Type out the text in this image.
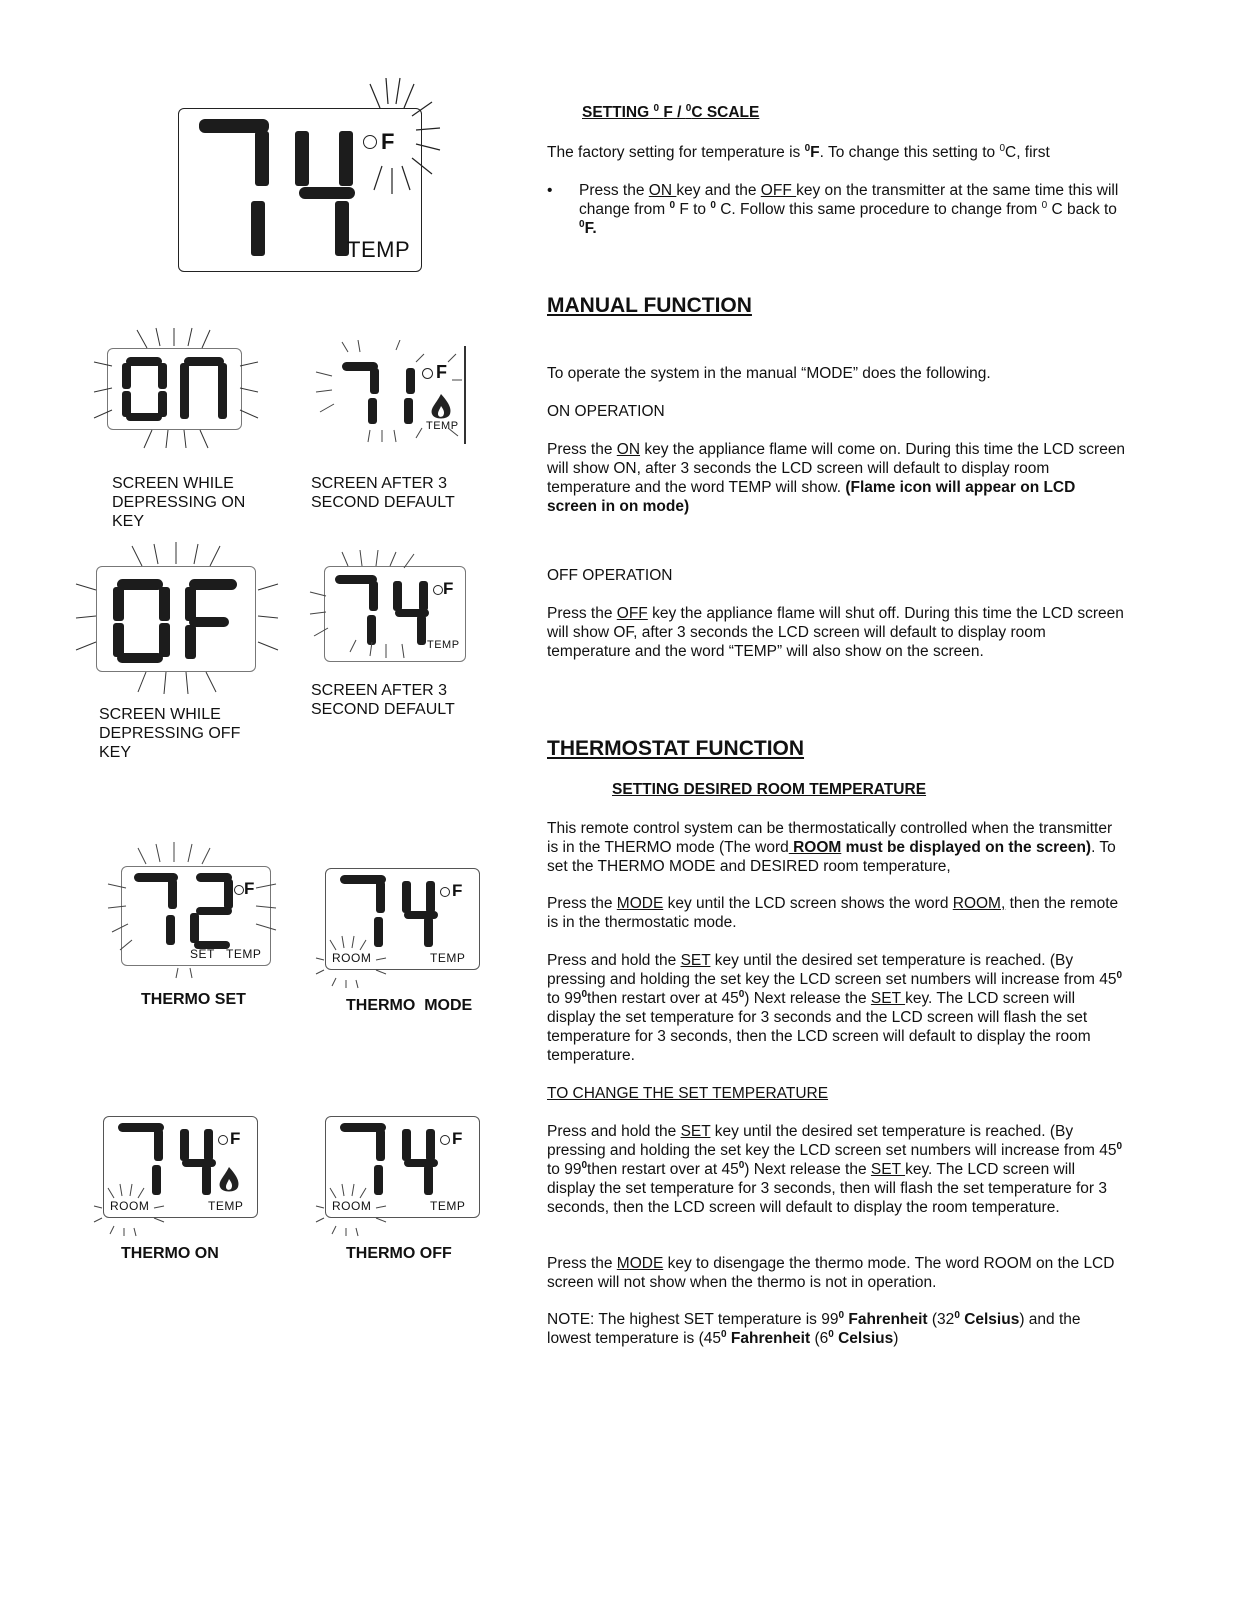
F
TEMP
SCREEN WHILE DEPRESSING ON KEY
F
TEMP
SCREEN AFTER 3 SECOND DEFAULT
SCREEN WHILE DEPRESSING OFF KEY
F
TEMP
SCREEN AFTER 3 SECOND DEFAULT
F
SET TEMP
THERMO SET
F
ROOM	TEMP
THERMO  MODE
F
ROOM	TEMP
THERMO ON
F
ROOM	TEMP
THERMO OFF
SETTING $^0$ F / $^0$C SCALE
The factory setting for temperature is $^0$F. To change this setting to $^0$C, first
• Press the ON key and the OFF key on the transmitter at the same time this will change from $^0$ F to $^0$ C. Follow this same procedure to change from $^0$ C back to $^0$F.
MANUAL FUNCTION
To operate the system in the manual “MODE” does the following.
ON OPERATION
Press the ON key the appliance flame will come on. During this time the LCD screen will show ON, after 3 seconds the LCD screen will default to display room temperature and the word TEMP will show. (Flame icon will appear on LCD screen in on mode)
OFF OPERATION
Press the OFF key the appliance flame will shut off. During this time the LCD screen will show OF, after 3 seconds the LCD screen will default to display room temperature and the word “TEMP” will also show on the screen.
THERMOSTAT FUNCTION
SETTING DESIRED ROOM TEMPERATURE
This remote control system can be thermostatically controlled when the transmitter is in the THERMO mode (The word ROOM must be displayed on the screen). To set the THERMO MODE and DESIRED room temperature,
Press the MODE key until the LCD screen shows the word ROOM, then the remote is in the thermostatic mode.
Press and hold the SET key until the desired set temperature is reached. (By pressing and holding the set key the LCD screen set numbers will increase from $45^0$ to $99^0then$ restart over at $45^0$) Next release the SET key. The LCD screen will display the set temperature for 3 seconds and the LCD screen will flash the set temperature for 3 seconds, then the LCD screen will default to display the room temperature.
TO CHANGE THE SET TEMPERATURE
Press and hold the SET key until the desired set temperature is reached. (By pressing and holding the set key the LCD screen set numbers will increase from $45^0$ to $99^0then$ restart over at $45^0$) Next release the SET key. The LCD screen will display the set temperature for 3 seconds, then will flash the set temperature for 3 seconds, then the LCD screen will default to display the room temperature.
Press the MODE key to disengage the thermo mode. The word ROOM on the LCD screen will not show when the thermo is not in operation.
NOTE: The highest SET temperature is $99^0$ Fahrenheit ($32^0$ Celsius) and the lowest temperature is ($45^0$ Fahrenheit ($6^0$ Celsius)
